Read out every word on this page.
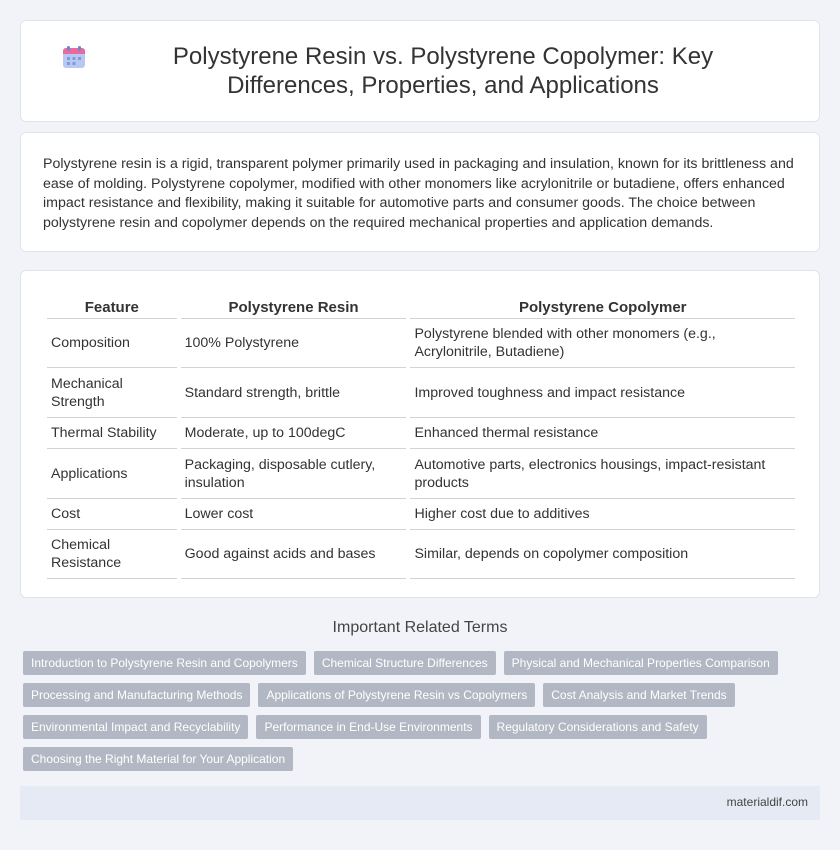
Polystyrene Resin vs. Polystyrene Copolymer: Key Differences, Properties, and Applications

Polystyrene resin is a rigid, transparent polymer primarily used in packaging and insulation, known for its brittleness and ease of molding. Polystyrene copolymer, modified with other monomers like acrylonitrile or butadiene, offers enhanced impact resistance and flexibility, making it suitable for automotive parts and consumer goods. The choice between polystyrene resin and copolymer depends on the required mechanical properties and application demands.

Feature	Polystyrene Resin	Polystyrene Copolymer
Composition	100% Polystyrene	Polystyrene blended with other monomers (e.g., Acrylonitrile, Butadiene)
Mechanical Strength	Standard strength, brittle	Improved toughness and impact resistance
Thermal Stability	Moderate, up to 100degC	Enhanced thermal resistance
Applications	Packaging, disposable cutlery, insulation	Automotive parts, electronics housings, impact-resistant products
Cost	Lower cost	Higher cost due to additives
Chemical Resistance	Good against acids and bases	Similar, depends on copolymer composition
Important Related Terms
Introduction to Polystyrene Resin and Copolymers	Chemical Structure Differences	Physical and Mechanical Properties Comparison
Processing and Manufacturing Methods	Applications of Polystyrene Resin vs Copolymers	Cost Analysis and Market Trends
Environmental Impact and Recyclability	Performance in End-Use Environments	Regulatory Considerations and Safety
Choosing the Right Material for Your Application
materialdif.com
